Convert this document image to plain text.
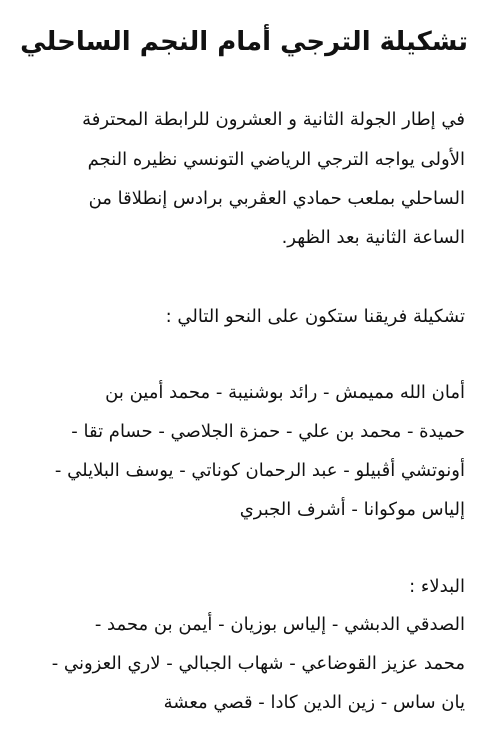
تشكيلة الترجي أمام النجم الساحلي

في إطار الجولة الثانية و العشرون للرابطة المحترفة

الأولى يواجه الترجي الرياضي التونسي نظيره النجم

الساحلي بملعب حمادي العڨربي برادس إنطلاقا من

الساعة الثانية بعد الظهر.

تشكيلة فريقنا ستكون على النحو التالي :

أمان الله مميمش - رائد بوشنيبة - محمد أمين بن

حميدة - محمد بن علي - حمزة الجلاصي - حسام تقا -

أونوتشي أڤبيلو - عبد الرحمان كوناتي - يوسف البلايلي -

إلياس موكوانا - أشرف الجبري

البدلاء :

الصدقي الدبشي - إلياس بوزيان - أيمن بن محمد -

محمد عزيز القوضاعي - شهاب الجبالي - لاري العزوني -

يان ساس - زين الدين كادا - قصي معشة
